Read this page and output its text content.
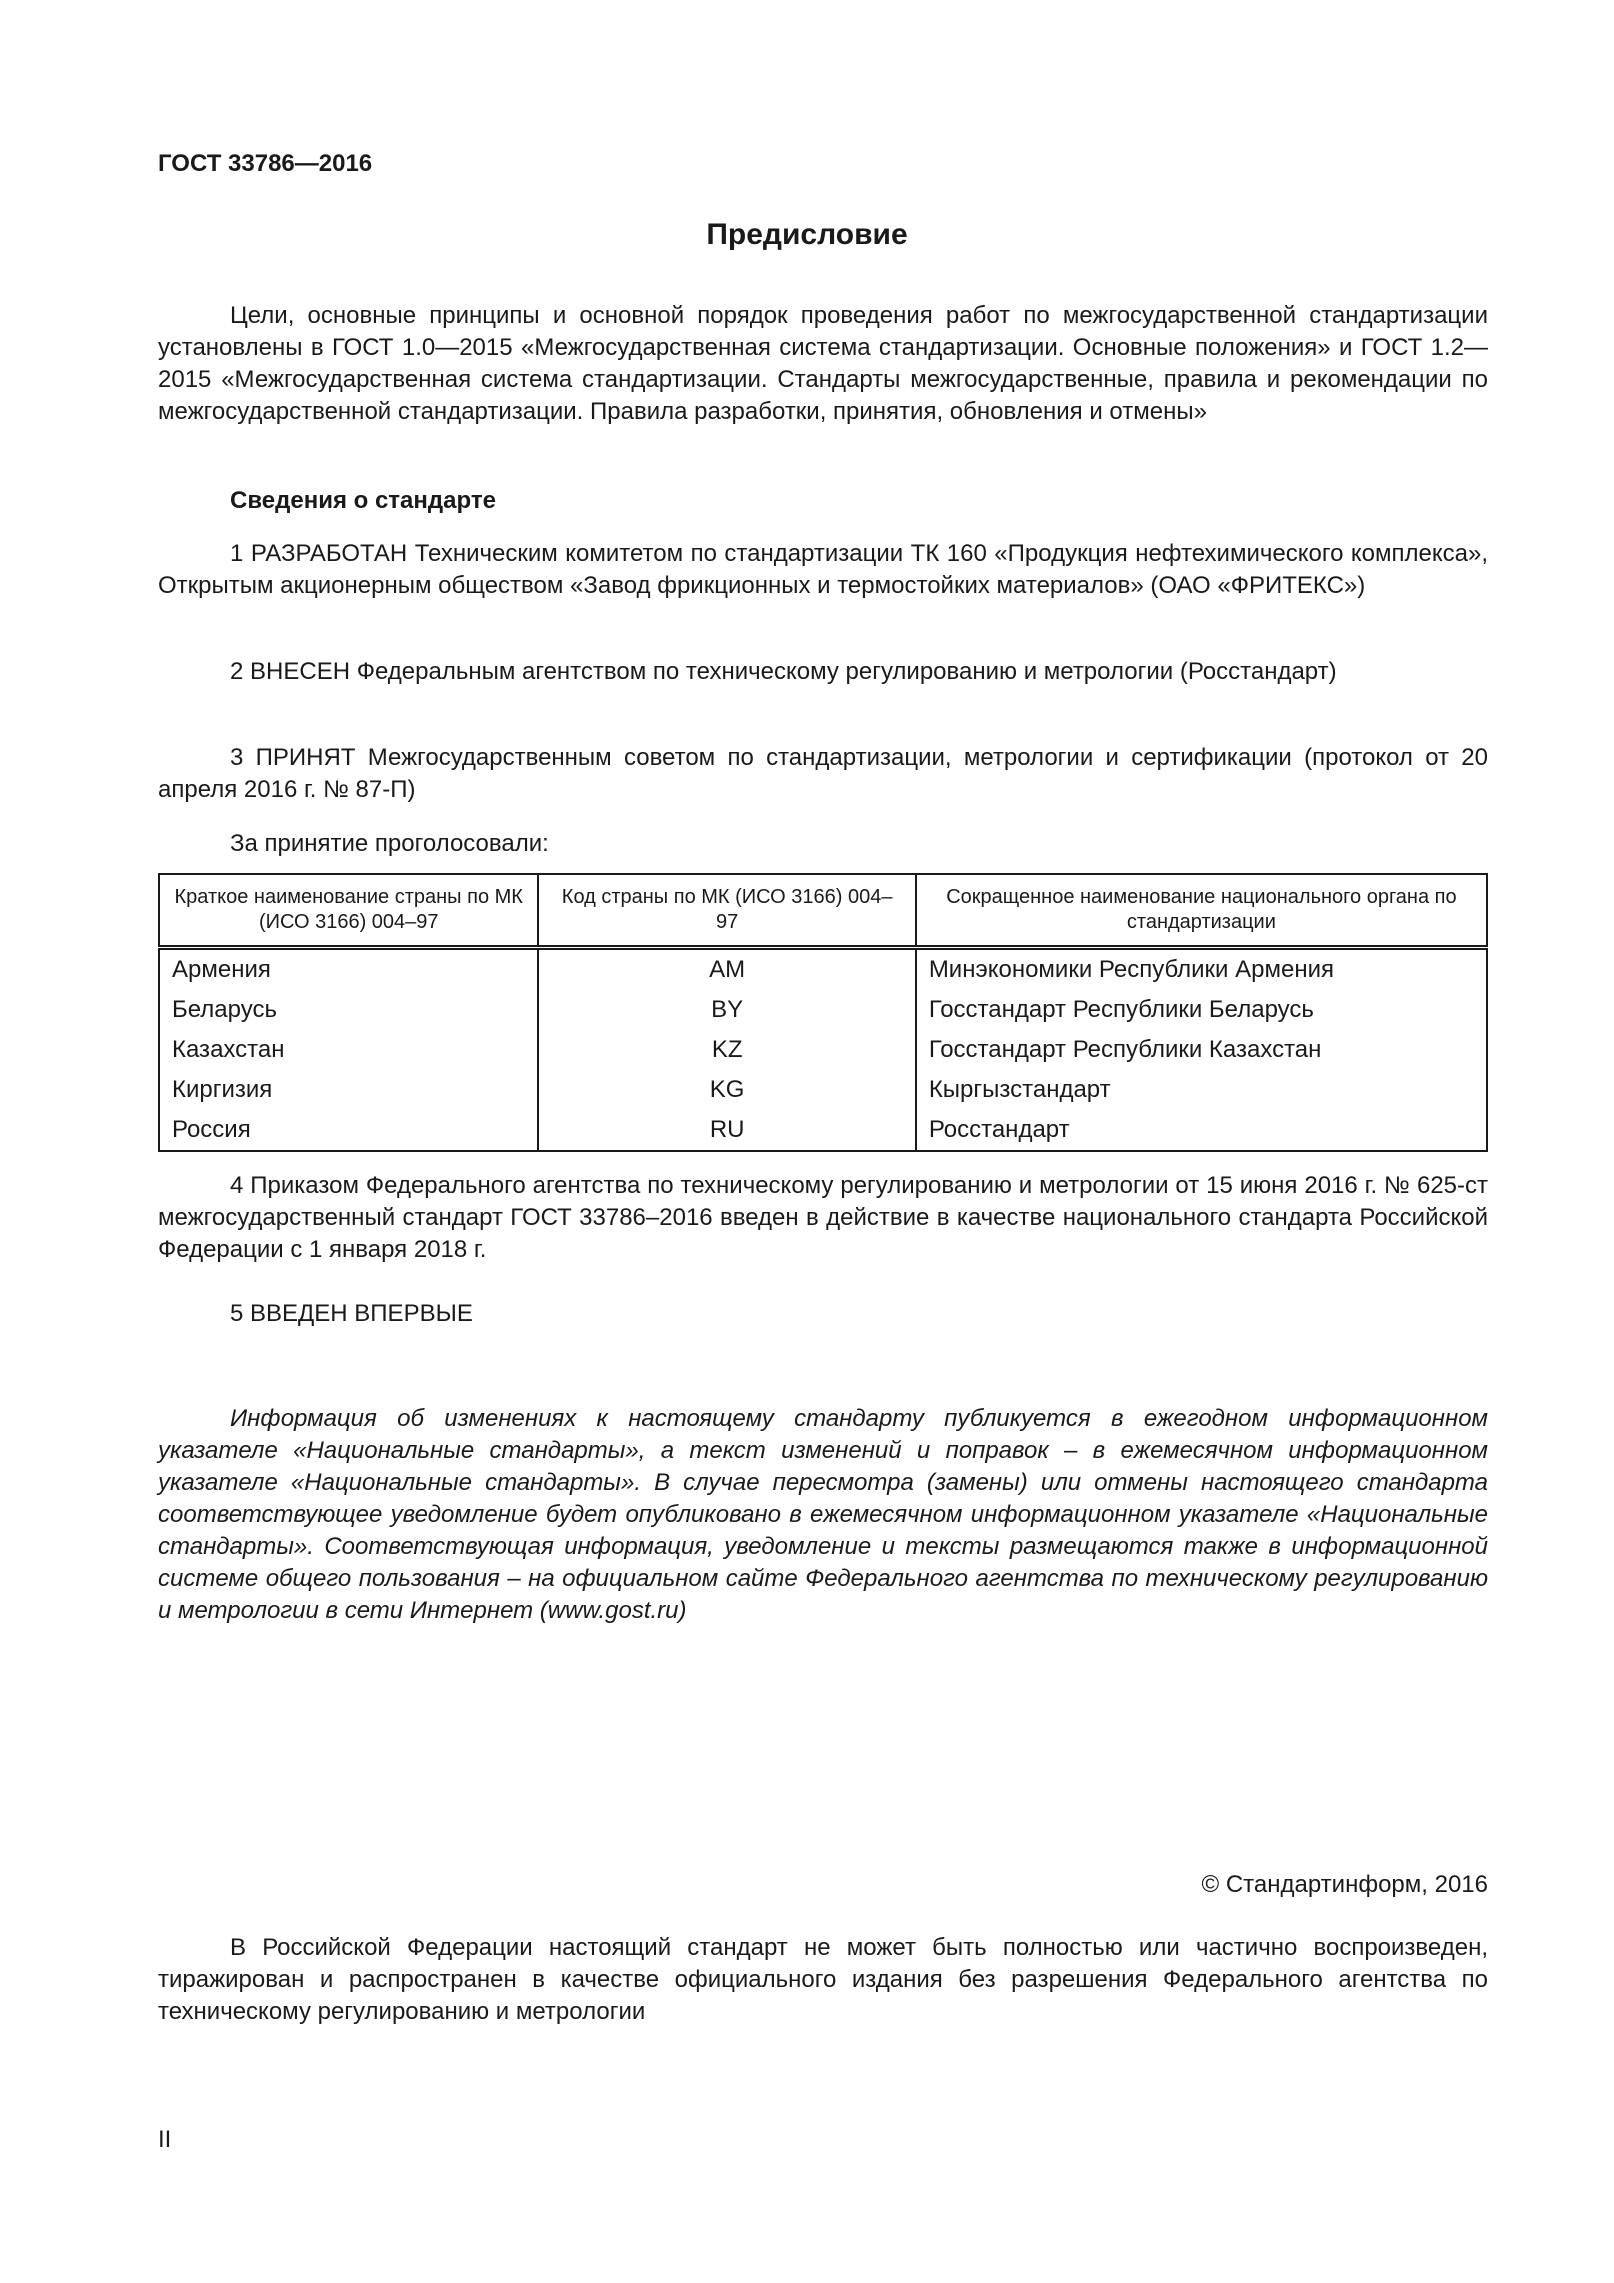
ГОСТ 33786—2016
Предисловие

Цели, основные принципы и основной порядок проведения работ по межгосударственной стандартизации установлены в ГОСТ 1.0—2015 «Межгосударственная система стандартизации. Основные положения» и ГОСТ 1.2—2015 «Межгосударственная система стандартизации. Стандарты межгосударственные, правила и рекомендации по межгосударственной стандартизации. Правила разработки, принятия, обновления и отмены»

Сведения о стандарте

1 РАЗРАБОТАН Техническим комитетом по стандартизации ТК 160 «Продукция нефтехимического комплекса», Открытым акционерным обществом «Завод фрикционных и термостойких материалов» (ОАО «ФРИТЕКС»)

2 ВНЕСЕН Федеральным агентством по техническому регулированию и метрологии (Росстандарт)

3 ПРИНЯТ Межгосударственным советом по стандартизации, метрологии и сертификации (протокол от 20 апреля 2016 г. № 87-П)

За принятие проголосовали:
Краткое наименование страны по МК (ИСО 3166) 004–97	Код страны по МК (ИСО 3166) 004–97	Сокращенное наименование национального органа по стандартизации
Армения	AM	Минэкономики Республики Армения
Беларусь	BY	Госстандарт Республики Беларусь
Казахстан	KZ	Госстандарт Республики Казахстан
Киргизия	KG	Кыргызстандарт
Россия	RU	Росстандарт

4 Приказом Федерального агентства по техническому регулированию и метрологии от 15 июня 2016 г. № 625-ст межгосударственный стандарт ГОСТ 33786–2016 введен в действие в качестве национального стандарта Российской Федерации с 1 января 2018 г.

5 ВВЕДЕН ВПЕРВЫЕ

Информация об изменениях к настоящему стандарту публикуется в ежегодном информационном указателе «Национальные стандарты», а текст изменений и поправок – в ежемесячном информационном указателе «Национальные стандарты». В случае пересмотра (замены) или отмены настоящего стандарта соответствующее уведомление будет опубликовано в ежемесячном информационном указателе «Национальные стандарты». Соответствующая информация, уведомление и тексты размещаются также в информационной системе общего пользования – на официальном сайте Федерального агентства по техническому регулированию и метрологии в сети Интернет (www.gost.ru)

© Стандартинформ, 2016

В Российской Федерации настоящий стандарт не может быть полностью или частично воспроизведен, тиражирован и распространен в качестве официального издания без разрешения Федерального агентства по техническому регулированию и метрологии

II
